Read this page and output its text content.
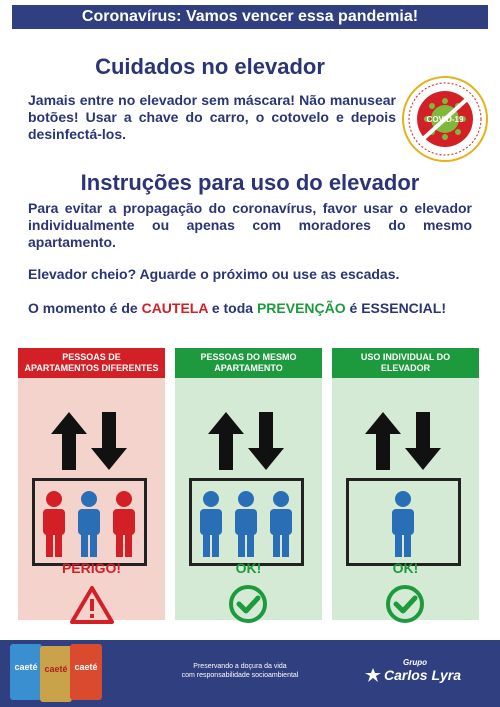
Coronavírus: Vamos vencer essa pandemia!
Cuidados no elevador
Jamais entre no elevador sem máscara! Não manusear botões! Usar a chave do carro, o cotovelo e depois desinfectá-los.
COVID-19
Instruções para uso do elevador
Para evitar a propagação do coronavírus, favor usar o elevador individualmente ou apenas com moradores do mesmo apartamento.
Elevador cheio? Aguarde o próximo ou use as escadas.
O momento é de CAUTELA e toda PREVENÇÃO é ESSENCIAL!
PESSOAS DE APARTAMENTOS DIFERENTES
PERIGO!
PESSOAS DO MESMO APARTAMENTO
OK!
USO INDIVIDUAL DO ELEVADOR
OK!
caeté caeté caeté	Preservando a doçura da vida
com responsabilidade socioambiental
Grupo
Carlos Lyra
